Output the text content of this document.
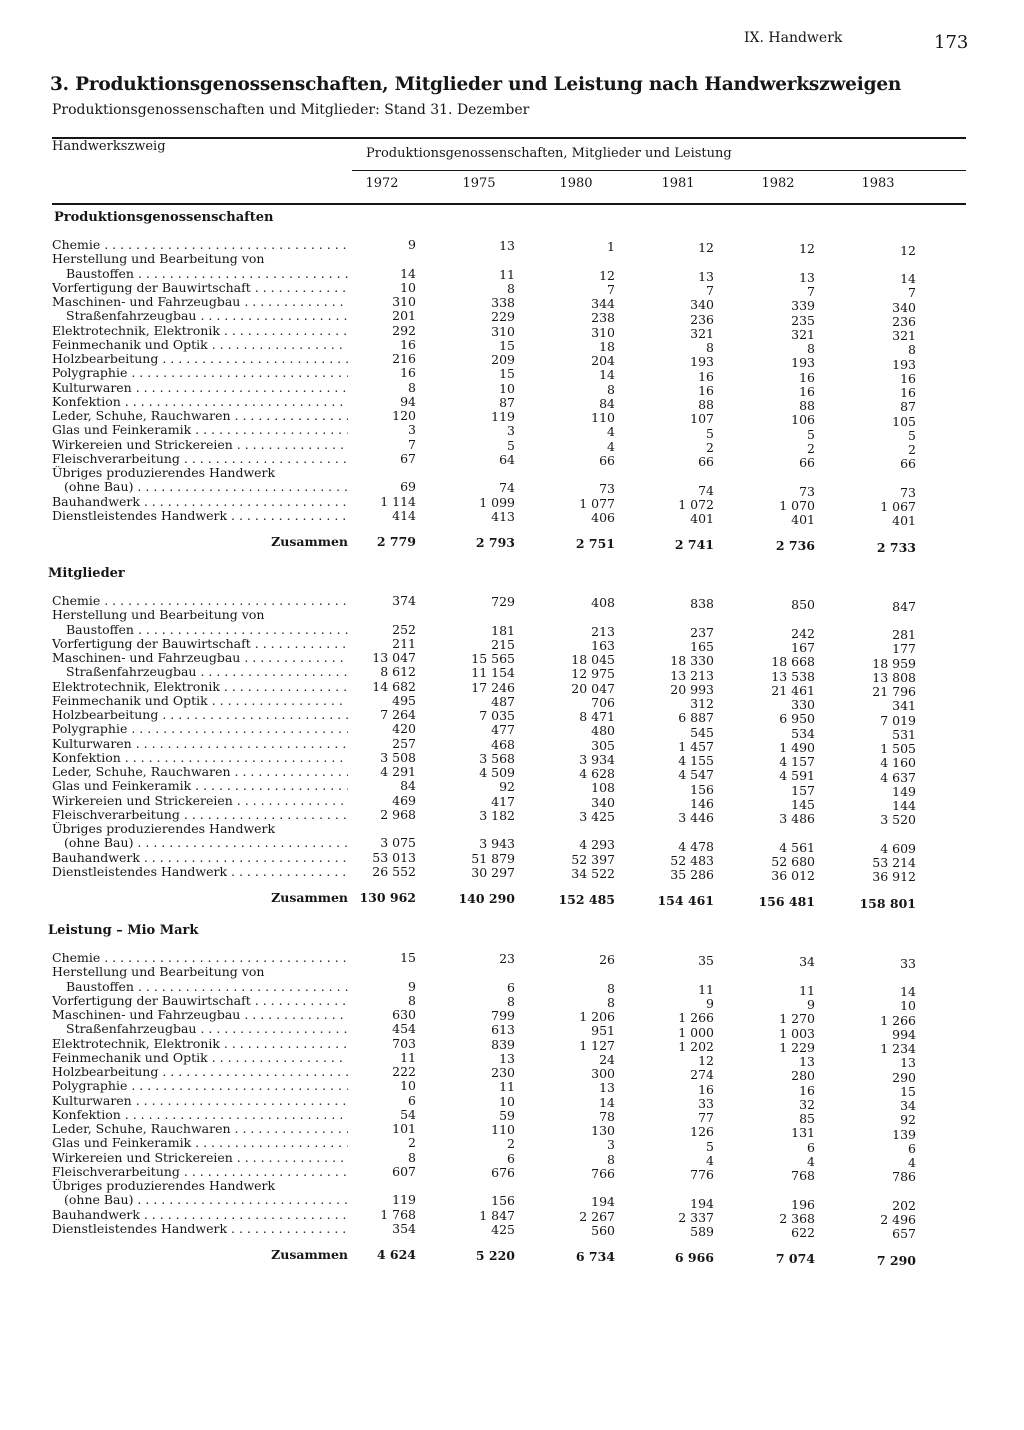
IX. Handwerk	173
3. Produktionsgenossenschaften, Mitglieder und Leistung nach Handwerkszweigen
Produktionsgenossenschaften und Mitglieder: Stand 31. Dezember
Handwerkszweig	Produktionsgenossenschaften, Mitglieder und Leistung
1972	1975	1980	1981	1982	1983
Produktionsgenossenschaften
Chemie . . .	9	13	1	12	12	12
Herstellung und Bearbeitung von
Baustoffen . . .	14	11	12	13	13	14
Vorfertigung der Bauwirtschaft . . .	10	8	7	7	7	7
Maschinen- und Fahrzeugbau . . .	310	338	344	340	339	340
Straßenfahrzeugbau . . .	201	229	238	236	235	236
Elektrotechnik, Elektronik . . .	292	310	310	321	321	321
Feinmechanik und Optik . . .	16	15	18	8	8	8
Holzbearbeitung . . .	216	209	204	193	193	193
Polygraphie . . .	16	15	14	16	16	16
Kulturwaren . . .	8	10	8	16	16	16
Konfektion . . .	94	87	84	88	88	87
Leder, Schuhe, Rauchwaren . . .	120	119	110	107	106	105
Glas und Feinkeramik . . .	3	3	4	5	5	5
Wirkereien und Strickereien . . .	7	5	4	2	2	2
Fleischverarbeitung . . .	67	64	66	66	66	66
Übriges produzierendes Handwerk
(ohne Bau) . . .	69	74	73	74	73	73
Bauhandwerk . . .	1 114	1 099	1 077	1 072	1 070	1 067
Dienstleistendes Handwerk . . .	414	413	406	401	401	401
Zusammen	2 779	2 793	2 751	2 741	2 736	2 733
Mitglieder
Chemie . . .	374	729	408	838	850	847
Herstellung und Bearbeitung von
Baustoffen . . .	252	181	213	237	242	281
Vorfertigung der Bauwirtschaft . . .	211	215	163	165	167	177
Maschinen- und Fahrzeugbau . . .	13 047	15 565	18 045	18 330	18 668	18 959
Straßenfahrzeugbau . . .	8 612	11 154	12 975	13 213	13 538	13 808
Elektrotechnik, Elektronik . . .	14 682	17 246	20 047	20 993	21 461	21 796
Feinmechanik und Optik . . .	495	487	706	312	330	341
Holzbearbeitung . . .	7 264	7 035	8 471	6 887	6 950	7 019
Polygraphie . . .	420	477	480	545	534	531
Kulturwaren . . .	257	468	305	1 457	1 490	1 505
Konfektion . . .	3 508	3 568	3 934	4 155	4 157	4 160
Leder, Schuhe, Rauchwaren . . .	4 291	4 509	4 628	4 547	4 591	4 637
Glas und Feinkeramik . . .	84	92	108	156	157	149
Wirkereien und Strickereien . . .	469	417	340	146	145	144
Fleischverarbeitung . . .	2 968	3 182	3 425	3 446	3 486	3 520
Übriges produzierendes Handwerk
(ohne Bau) . . .	3 075	3 943	4 293	4 478	4 561	4 609
Bauhandwerk . . .	53 013	51 879	52 397	52 483	52 680	53 214
Dienstleistendes Handwerk . . .	26 552	30 297	34 522	35 286	36 012	36 912
Zusammen 130 962	140 290	152 485	154 461	156 481	158 801
Leistung – Mio Mark
Chemie . . .	15	23	26	35	34	33
Herstellung und Bearbeitung von
Baustoffen . . .	9	6	8	11	11	14
Vorfertigung der Bauwirtschaft . . .	8	8	8	9	9	10
Maschinen- und Fahrzeugbau . . .	630	799	1 206	1 266	1 270	1 266
Straßenfahrzeugbau . . .	454	613	951	1 000	1 003	994
Elektrotechnik, Elektronik . . .	703	839	1 127	1 202	1 229	1 234
Feinmechanik und Optik . . .	11	13	24	12	13	13
Holzbearbeitung . . .	222	230	300	274	280	290
Polygraphie . . .	10	11	13	16	16	15
Kulturwaren . . .	6	10	14	33	32	34
Konfektion . . .	54	59	78	77	85	92
Leder, Schuhe, Rauchwaren . . .	101	110	130	126	131	139
Glas und Feinkeramik . . .	2	2	3	5	6	6
Wirkereien und Strickereien . . .	8	6	8	4	4	4
Fleischverarbeitung . . .	607	676	766	776	768	786
Übriges produzierendes Handwerk
(ohne Bau) . . .	119	156	194	194	196	202
Bauhandwerk . . .	1 768	1 847	2 267	2 337	2 368	2 496
Dienstleistendes Handwerk . . .	354	425	560	589	622	657
Zusammen	4 624	5 220	6 734	6 966	7 074	7 290
